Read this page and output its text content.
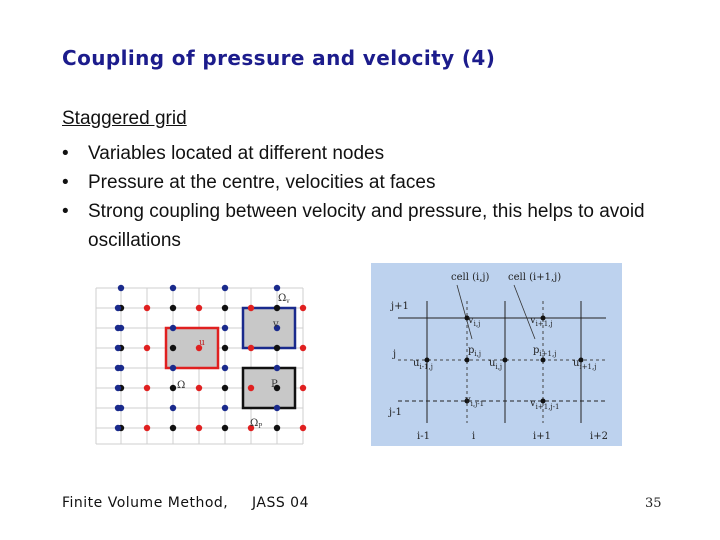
Coupling of pressure and velocity (4)
Staggered grid
• Variables located at different nodes
• Pressure at the centre, velocities at faces
• Strong coupling between velocity and pressure, this helps to avoid oscillations
$\Omega_v$
v
u
Ω	P
$\Omega_P$
cell (i,j) cell (i+1,j)
j+1
j
j-1
i-1	i	i+1	i+2
$v_{i,j}$	$v_{i+1,j}$
$p_{i,j}$	$p_{i+1,j}$
$u_{i-1,j}$	$u_{i,j}$	$u_{i+1,j}$
$v_{i,j-1}$	$v_{i+1,j-1}$
Finite Volume Method, JASS 04	35
